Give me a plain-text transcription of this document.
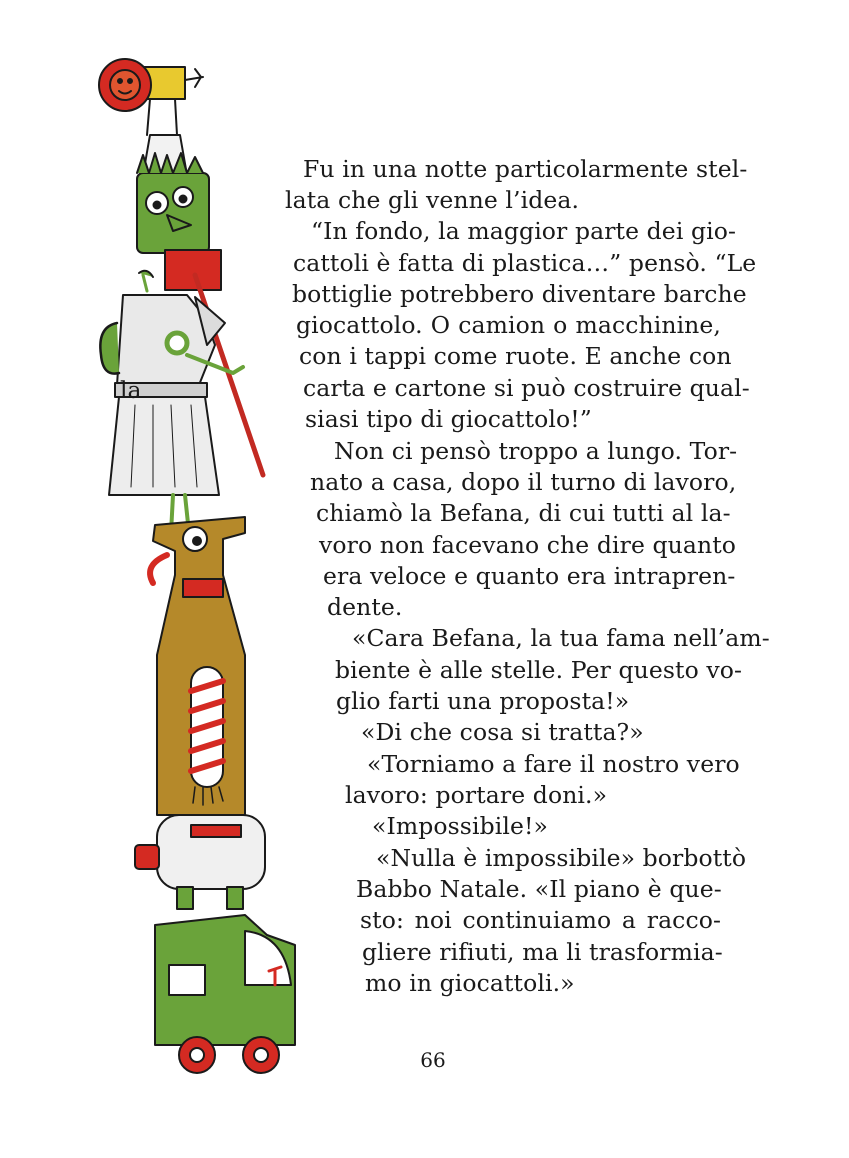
la
Fu in una notte particolarmente stel-
lata che gli venne l’idea.
“In fondo, la maggior parte dei gio-
cattoli è fatta di plastica…” pensò. “Le
bottiglie potrebbero diventare barche
giocattolo. O camion o macchinine,
con i tappi come ruote. E anche con
carta e cartone si può costruire qual-
siasi tipo di giocattolo!”
Non ci pensò troppo a lungo. Tor-
nato a casa, dopo il turno di lavoro,
chiamò la Befana, di cui tutti al la-
voro non facevano che dire quanto
era veloce e quanto era intrapren-
dente.
«Cara Befana, la tua fama nell’am-
biente è alle stelle. Per questo vo-
glio farti una proposta!»
«Di che cosa si tratta?»
«Torniamo a fare il nostro vero
lavoro: portare doni.»
«Impossibile!»
«Nulla è impossibile» borbottò
Babbo Natale. «Il piano è que-
sto: noi continuiamo a racco-
gliere rifiuti, ma li trasformia-
mo in giocattoli.»
66
